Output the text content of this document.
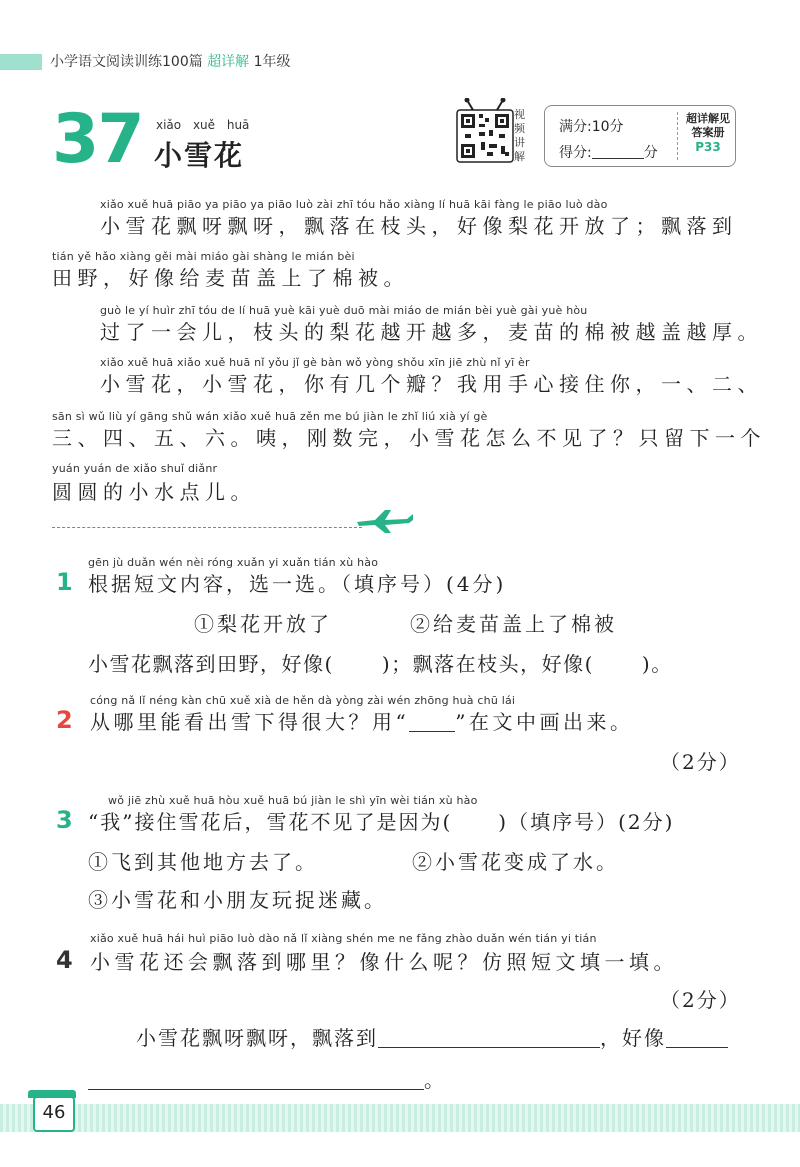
小学语文阅读训练100篇 超详解 1年级
37 xiǎo xuě huā
小雪花
视频讲解
满分:10分
得分:	分
超详解见
答案册
P33
xiǎo xuě huā piāo ya piāo ya piāo luò zài zhī tóu hǎo xiàng lí huā kāi fàng le piāo luò dào
小雪花飘呀飘呀，飘落在枝头，好像梨花开放了；飘落到
tián yě hǎo xiàng gěi mài miáo gài shàng le mián bèi
田野，好像给麦苗盖上了棉被。
guò le yí huìr zhī tóu de lí huā yuè kāi yuè duō mài miáo de mián bèi yuè gài yuè hòu
过了一会儿，枝头的梨花越开越多，麦苗的棉被越盖越厚。
xiǎo xuě huā xiǎo xuě huā nǐ yǒu jǐ gè bàn wǒ yòng shǒu xīn jiē zhù nǐ yī èr
小雪花，小雪花，你有几个瓣？我用手心接住你，一、二、
sān sì wǔ liù yí gāng shǔ wán xiǎo xuě huā zěn me bú jiàn le zhǐ liú xià yí gè
三、四、五、六。咦，刚数完，小雪花怎么不见了？只留下一个
yuán yuán de xiǎo shuǐ diǎnr
圆圆的小水点儿。
1
gēn jù duǎn wén nèi róng xuǎn yi xuǎn tián xù hào
根据短文内容，选一选。（填序号）(4分)
①梨花开放了	②给麦苗盖上了棉被
小雪花飘落到田野，好像( )；飘落在枝头，好像( )。
2
cóng nǎ lǐ néng kàn chū xuě xià de hěn dà yòng zài wén zhōng huà chū lái
从哪里能看出雪下得很大？用“ ”在文中画出来。
（2分）
3
wǒ jiē zhù xuě huā hòu xuě huā bú jiàn le shì yīn wèi tián xù hào
“我”接住雪花后，雪花不见了是因为( )（填序号）(2分)
①飞到其他地方去了。	②小雪花变成了水。
③小雪花和小朋友玩捉迷藏。
4
xiǎo xuě huā hái huì piāo luò dào nǎ lǐ xiàng shén me ne fǎng zhào duǎn wén tián yi tián
小雪花还会飘落到哪里？像什么呢？仿照短文填一填。
（2分）
小雪花飘呀飘呀，飘落到	，好像
。
46
